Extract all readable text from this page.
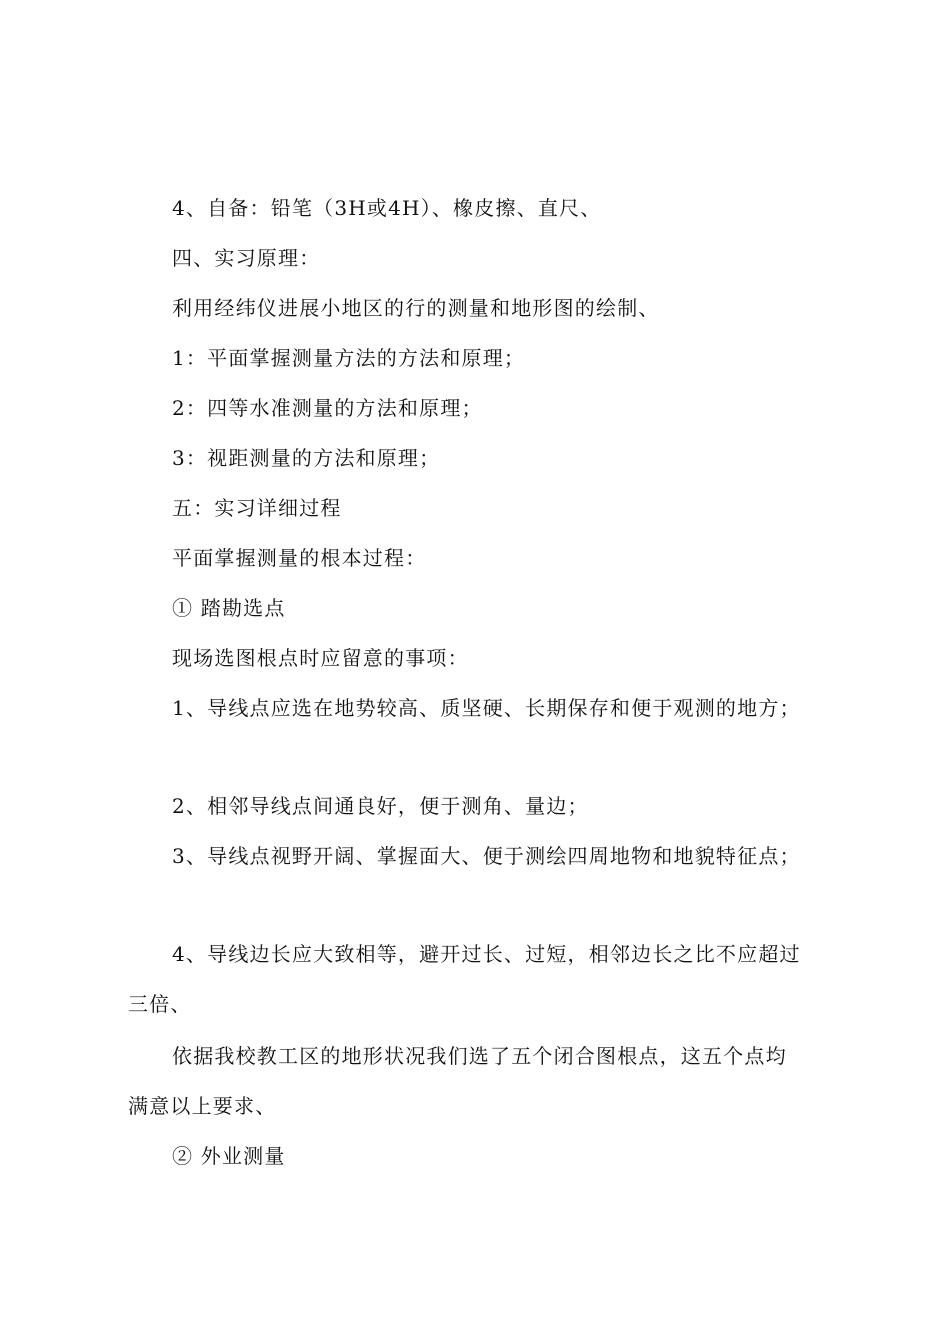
4、自备：铅笔（3H或4H）、橡皮擦、直尺、
四、实习原理：
利用经纬仪进展小地区的行的测量和地形图的绘制、
1：平面掌握测量方法的方法和原理；
2：四等水准测量的方法和原理；
3：视距测量的方法和原理；
五：实习详细过程
平面掌握测量的根本过程：
① 踏勘选点
现场选图根点时应留意的事项：
1、导线点应选在地势较高、质坚硬、长期保存和便于观测的地方；
2、相邻导线点间通良好，便于测角、量边；
3、导线点视野开阔、掌握面大、便于测绘四周地物和地貌特征点；
4、导线边长应大致相等，避开过长、过短，相邻边长之比不应超过
三倍、
依据我校教工区的地形状况我们选了五个闭合图根点，这五个点均
满意以上要求、
② 外业测量
